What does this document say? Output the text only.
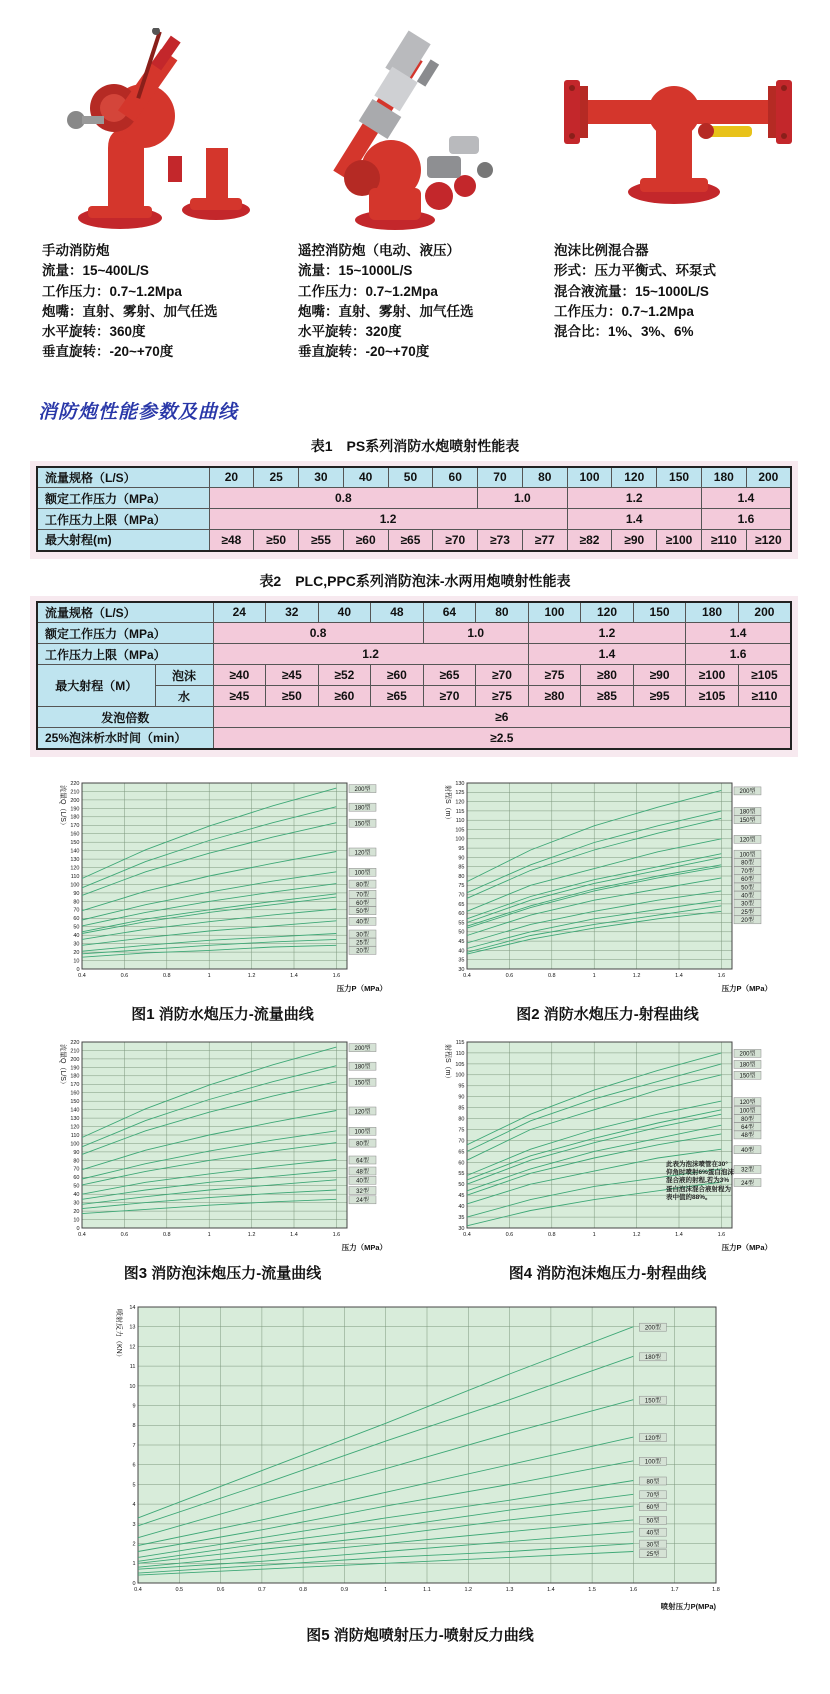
手动消防炮
流量：15~400L/S
工作压力：0.7~1.2Mpa
炮嘴：直射、雾射、加气任选
水平旋转：360度
垂直旋转：-20~+70度
遥控消防炮（电动、液压）
流量：15~1000L/S
工作压力：0.7~1.2Mpa
炮嘴：直射、雾射、加气任选
水平旋转：320度
垂直旋转：-20~+70度
泡沫比例混合器
形式：压力平衡式、环泵式
混合液流量：15~1000L/S
工作压力：0.7~1.2Mpa
混合比：1%、3%、6%
消防炮性能参数及曲线
表1　PS系列消防水炮喷射性能表
流量规格（L/S）	20	25	30	40	50	60	70	80	100	120	150	180	200
额定工作压力（MPa）	0.8						1.0		1.2			1.4	
工作压力上限（MPa）	1.2								1.4			1.6	
最大射程(m)	≥48	≥50	≥55	≥60	≥65	≥70	≥73	≥77	≥82	≥90	≥100	≥110	≥120
表2　PLC,PPC系列消防泡沫-水两用炮喷射性能表
流量规格（L/S）		24	32	40	48	64	80	100	120	150	180	200
额定工作压力（MPa）		0.8				1.0		1.2			1.4	
工作压力上限（MPa）		1.2						1.4			1.6	
最大射程（M）	泡沫	≥40	≥45	≥52	≥60	≥65	≥70	≥75	≥80	≥90	≥100	≥105
	水	≥45	≥50	≥60	≥65	≥70	≥75	≥80	≥85	≥95	≥105	≥110
发泡倍数		≥6										
25%泡沫析水时间（min）		≥2.5										
0
10
20
30
40
50
60
70
80
90
100
110
120
130
140
150
160
170
180
190
200
210
220
0.4	0.6	0.8	1	1.2	1.4	1.6
200型
180型
150型
120型
100型
80型
70型
60型
50型
40型
30型
25型
20型
流量Q（L/S）
压力P（MPa）
图1 消防水炮压力-流量曲线
30
35
40
45
50
55
60
65
70
75
80
85
90
95
100
105
110
115
120
125
130
0.4	0.6	0.8	1	1.2	1.4	1.6
200型
180型
150型
120型
100型
80型
70型
60型
50型
40型
30型
25型
20型
射程S（m）
压力P（MPa）
图2 消防水炮压力-射程曲线
0
10
20
30
40
50
60
70
80
90
100
110
120
130
140
150
160
170
180
190
200
210
220
0.4	0.6	0.8	1	1.2	1.4	1.6
200型
180型
150型
120型
100型
80型
64型
48型
40型
32型
24型
流量Q（L/S）
压力（MPa）
图3 消防泡沫炮压力-流量曲线
30
35
40
45
50
55
60
65
70
75
80
85
90
95
100
105
110
115
0.4	0.6	0.8	1	1.2	1.4	1.6
200型
180型
150型
120型
100型
80型
64型
48型
40型
32型
24型
射程S（m）
压力P（MPa）
此表为泡沫喷管在30°
仰角时喷射6%蛋白泡沫
混合液的射程,若为3%
蛋白泡沫混合液射程为
表中值的88%。
图4 消防泡沫炮压力-射程曲线
0
1
2
3
4
5
6
7
8
9
10
11
12
13
14
0.4	0.5	0.6	0.7	0.8	0.9	1	1.1	1.2	1.3	1.4	1.5	1.6	1.7	1.8
200型
180型
150型
120型
100型
80型
70型
60型
50型
40型
30型
25型
喷射反力（KN）
喷射压力P(MPa)
图5 消防炮喷射压力-喷射反力曲线
